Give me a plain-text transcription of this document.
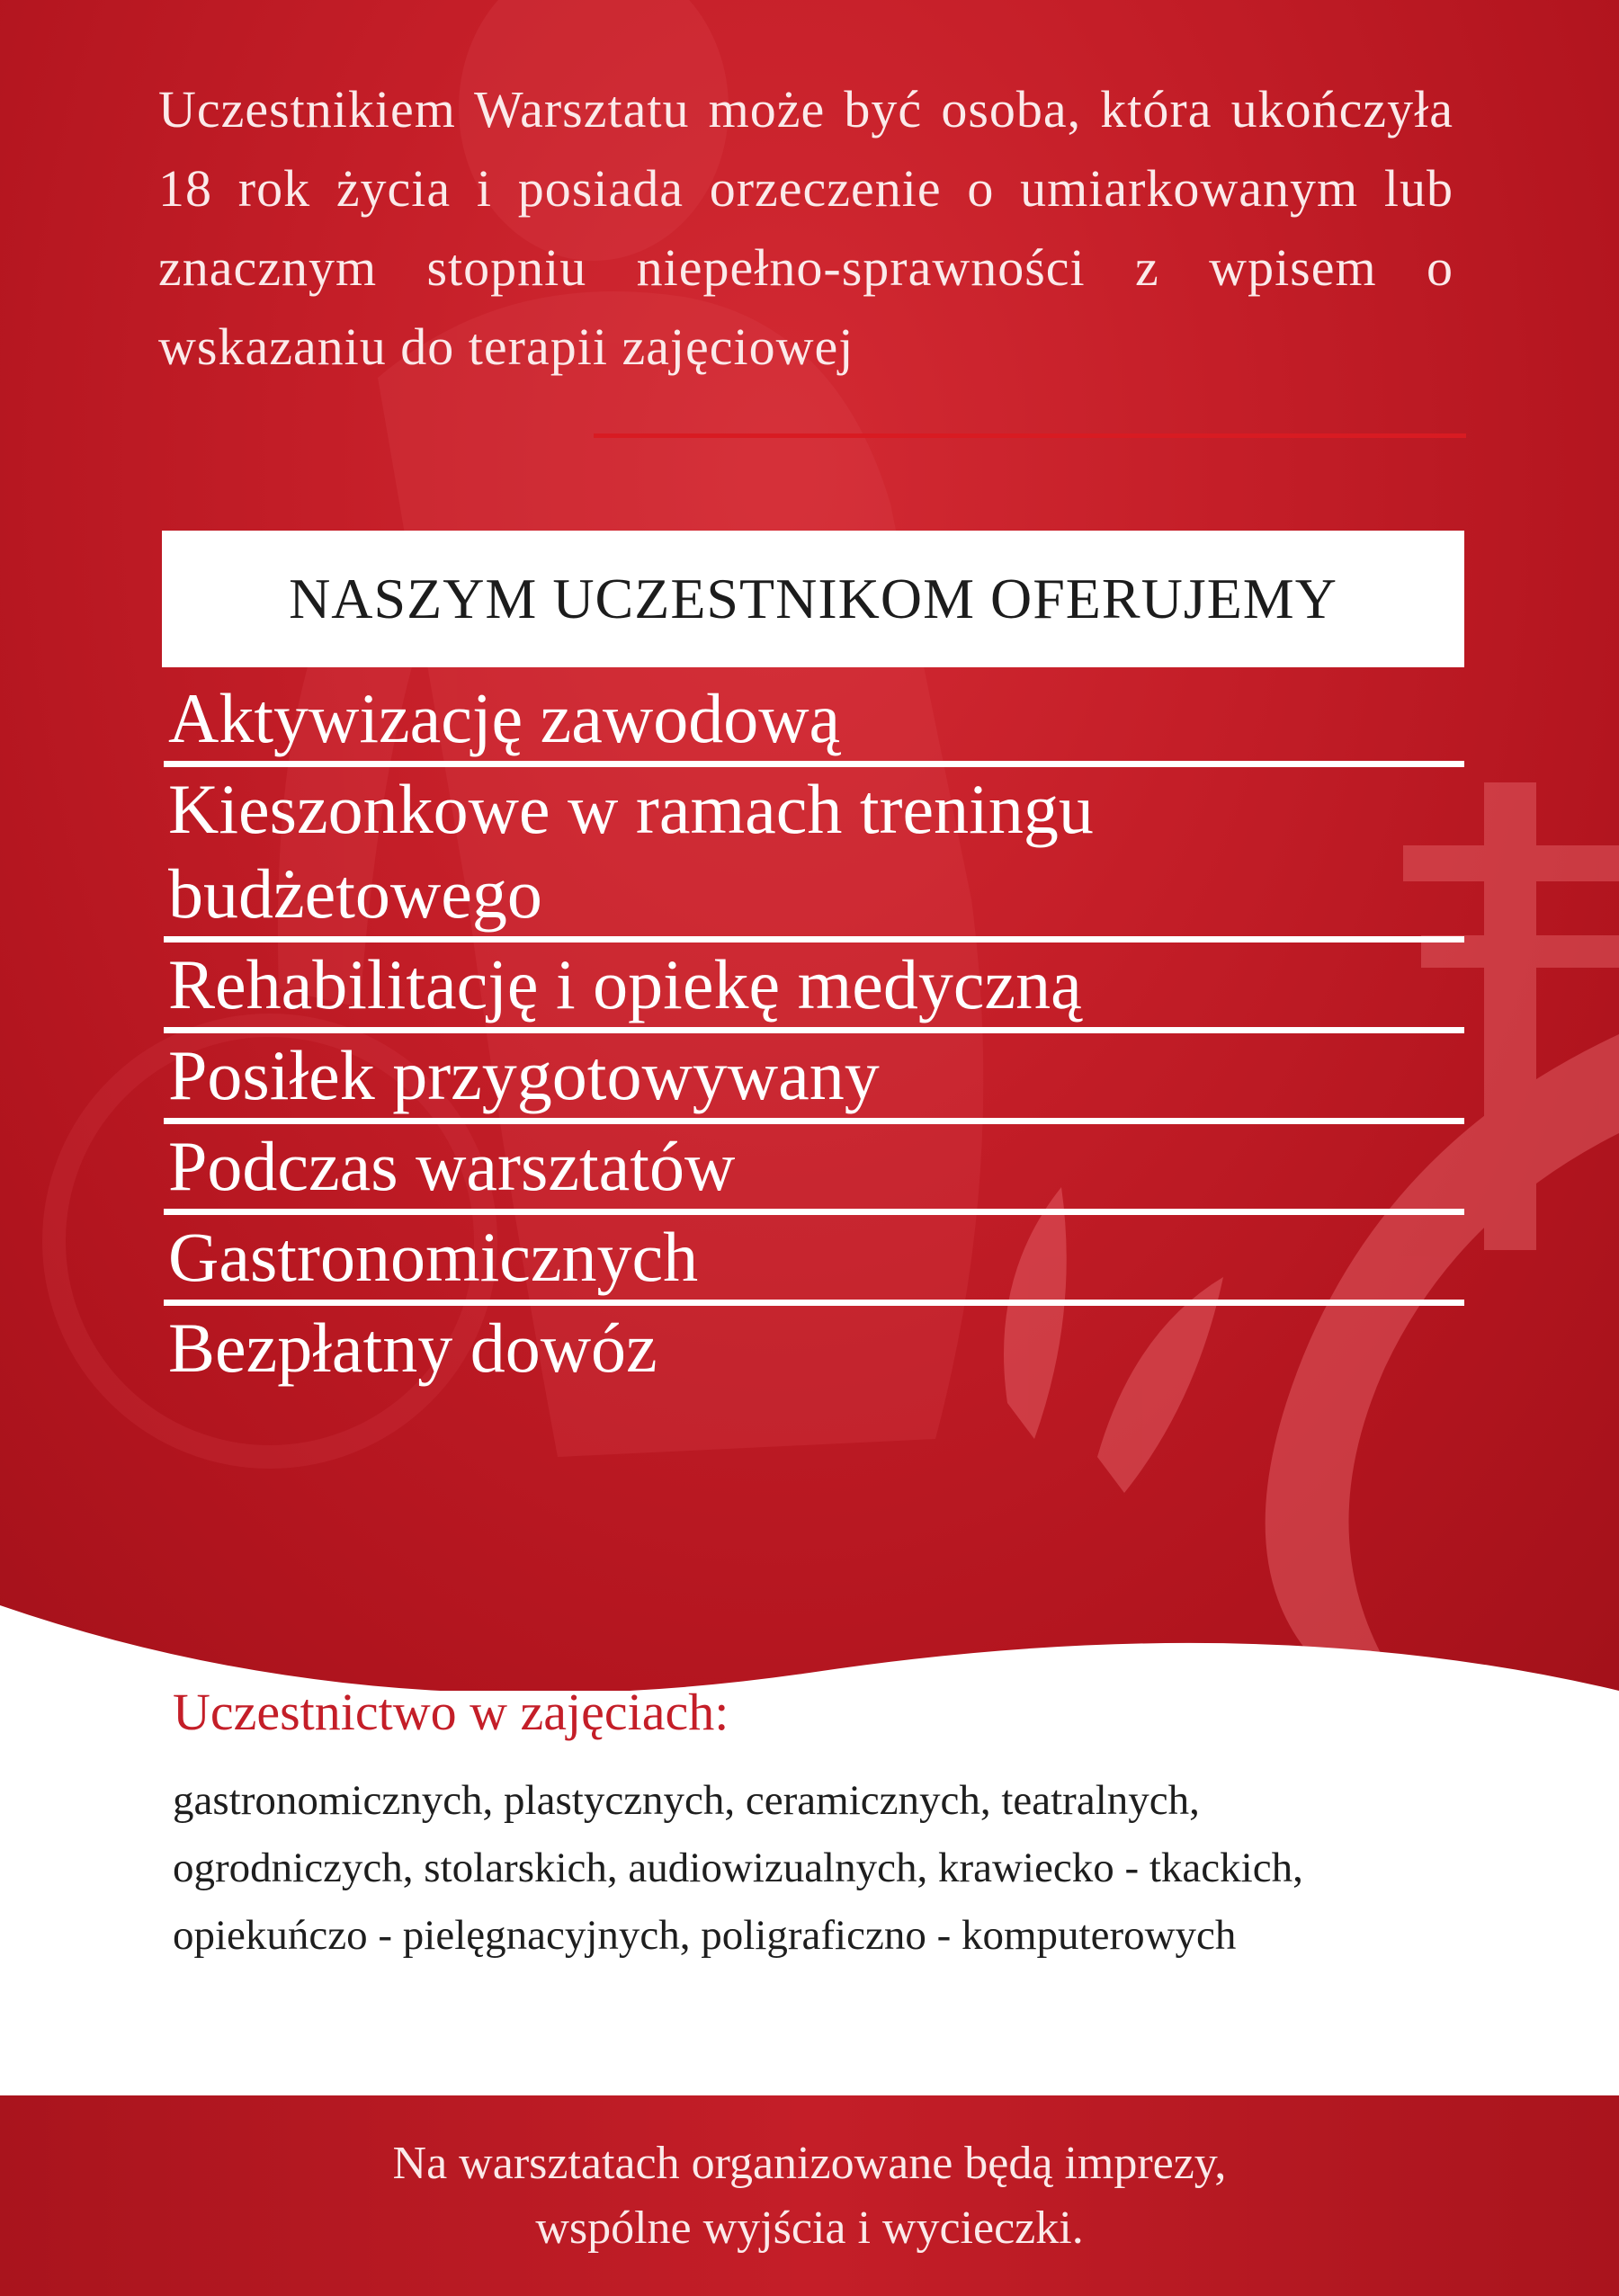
Uczestnikiem Warsztatu może być osoba, która ukończyła 18 rok życia i posiada orzeczenie o umiarkowanym lub znacznym stopniu niepełno-sprawności z wpisem o wskazaniu do terapii zajęciowej

NASZYM UCZESTNIKOM OFERUJEMY
Aktywizację zawodową
Kieszonkowe w ramach treningu budżetowego
Rehabilitację i opiekę medyczną
Posiłek przygotowywany
Podczas warsztatów
Gastronomicznych
Bezpłatny dowóz
Uczestnictwo w zajęciach:

gastronomicznych, plastycznych, ceramicznych, teatralnych, ogrodniczych, stolarskich, audiowizualnych, krawiecko - tkackich, opiekuńczo - pielęgnacyjnych, poligraficzno - komputerowych

Na warsztatach organizowane będą imprezy,
wspólne wyjścia i wycieczki.
